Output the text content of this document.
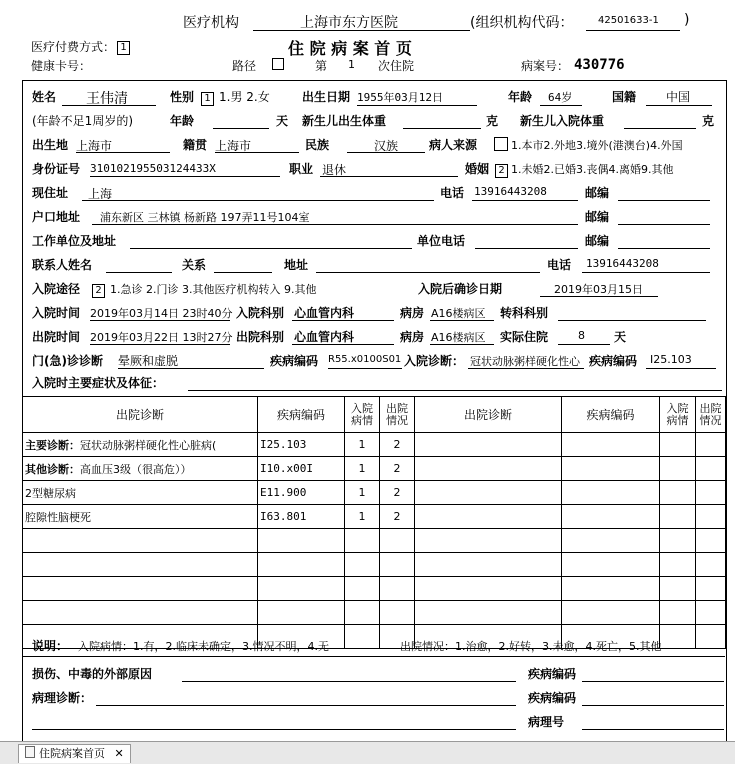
医疗机构	上海市东方医院	(组织机构代码： 42501633-1 )
住 院 病 案 首 页
医疗付费方式： 1
健康卡号：	路径	第 1 次住院	病案号： 430776
姓名 王伟清	性别	1 1.男 2.女	出生日期 1955年03月12日	年龄 64岁	国籍 中国
(年龄不足1周岁的)	年龄	天 新生儿出生体重	克 新生儿入院体重	克
出生地 上海市	籍贯 上海市	民族	汉族	病人来源	1.本市2.外地3.境外(港澳台)4.外国
身份证号 310102195503124433X	职业 退休	婚姻 2 1.未婚2.已婚3.丧偶4.离婚9.其他
现住址 上海	电话 13916443208	邮编
户口地址 浦东新区 三林镇 杨新路 197弄11号104室	邮编
工作单位及地址	单位电话	邮编
联系人姓名	关系	地址	电话 13916443208
入院途径	2 1.急诊 2.门诊 3.其他医疗机构转入 9.其他	入院后确诊日期	2019年03月15日
入院时间 2019年03月14日 23时40分 入院科别 心血管内科	病房 A16楼病区 转科科别
出院时间 2019年03月22日 13时27分 出院科别 心血管内科	病房 A16楼病区 实际住院	8 天
门(急)诊诊断 晕厥和虚脱	疾病编码 R55.x0100S01 入院诊断： 冠状动脉粥样硬化性心 疾病编码 I25.103
入院时主要症状及体征：
出院诊断	疾病编码	入院病情	出院情况	出院诊断	疾病编码	入院病情	出院情况
主要诊断：冠状动脉粥样硬化性心脏病(	I25.103	1	2				
其他诊断：高血压3级（很高危））	I10.x00I	1	2				
2型糖尿病	E11.900	1	2				
腔隙性脑梗死	I63.801	1	2				

说明： 入院病情：1.有，2.临床未确定，3.情况不明，4.无	出院情况：1.治愈，2.好转，3.未愈，4.死亡，5.其他
损伤、中毒的外部原因	疾病编码
病理诊断：	疾病编码
病理号
住院病案首页 ✕
